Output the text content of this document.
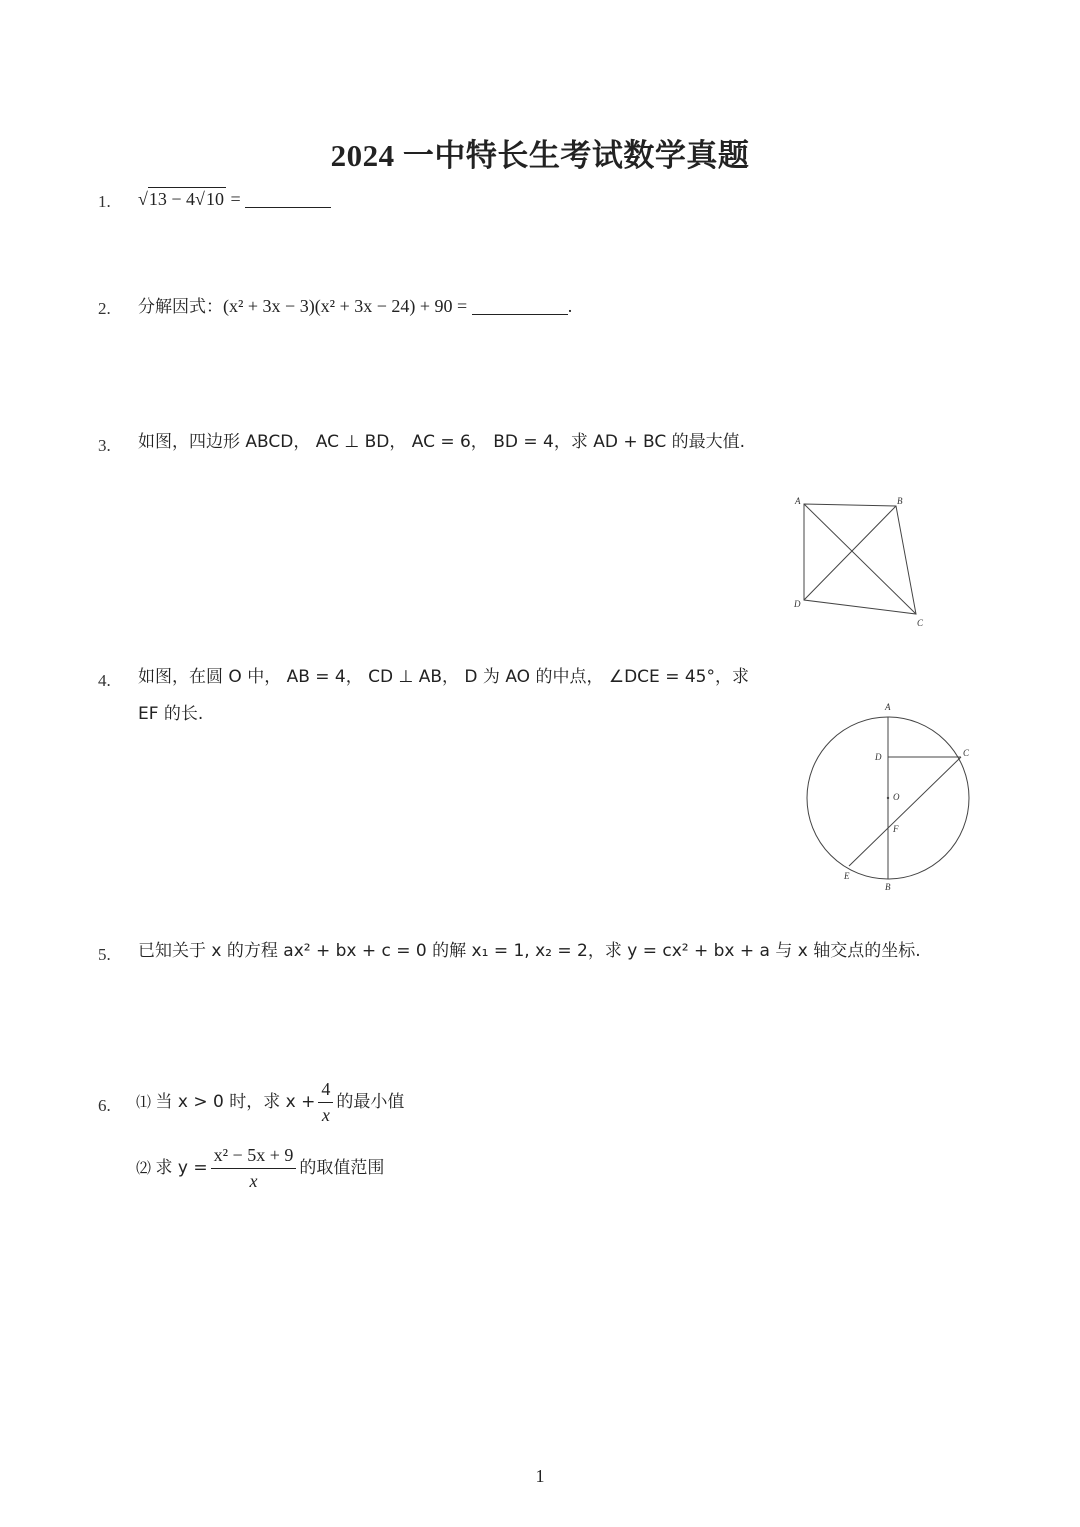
2024 一中特长生考试数学真题
1. √13 − 4√10 =
2. 分解因式：(x² + 3x − 3)(x² + 3x − 24) + 90 =	.
3. 如图，四边形 ABCD， AC ⊥ BD， AC = 6， BD = 4，求 AD + BC 的最大值.
A	B
C
D
4. 如图，在圆 O 中， AB = 4， CD ⊥ AB， D 为 AO 的中点， ∠DCE = 45°，求
EF 的长.	A
B
C
D
O
F
E
5. 已知关于 x 的方程 ax² + bx + c = 0 的解 x₁ = 1, x₂ = 2，求 y = cx² + bx + a 与 x 轴交点的坐标.
6. ⑴ 当 x > 0 时，求 $x + \frac{4}{x}$ 的最小值
⑵ 求 $y = \frac{\text{x² − 5x + 9}}{x}$ 的取值范围
1
